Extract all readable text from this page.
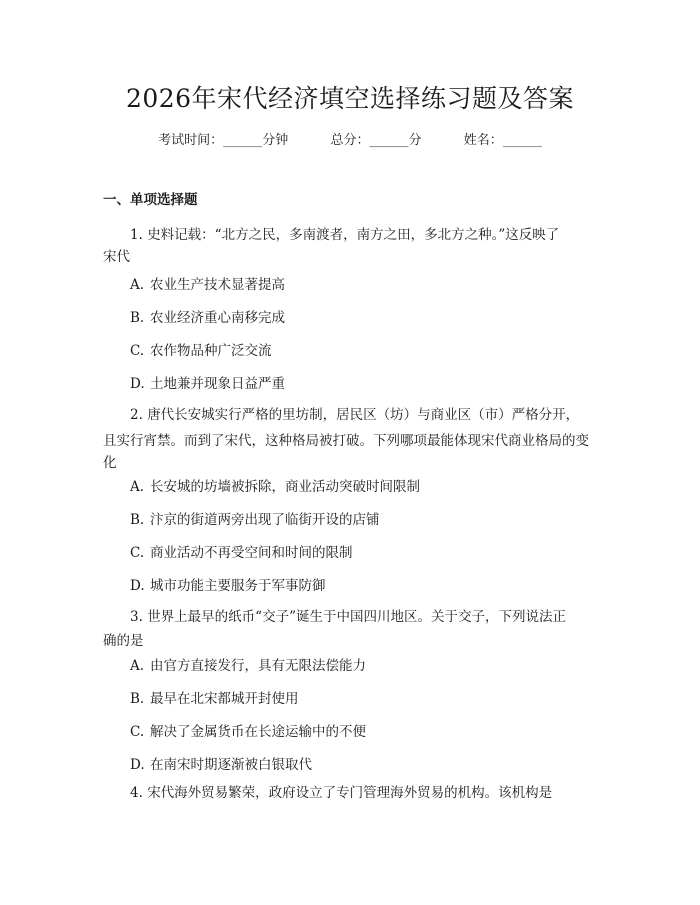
2026年宋代经济填空选择练习题及答案
考试时间：______分钟	总分：______分	姓名：______
一、单项选择题
1. 史料记载：“北方之民，多南渡者，南方之田，多北方之种。”这反映了
宋代
A. 农业生产技术显著提高
B. 农业经济重心南移完成
C. 农作物品种广泛交流
D. 土地兼并现象日益严重
2. 唐代长安城实行严格的里坊制，居民区（坊）与商业区（市）严格分开，
且实行宵禁。而到了宋代，这种格局被打破。下列哪项最能体现宋代商业格局的变
化
A. 长安城的坊墙被拆除，商业活动突破时间限制
B. 汴京的街道两旁出现了临街开设的店铺
C. 商业活动不再受空间和时间的限制
D. 城市功能主要服务于军事防御
3. 世界上最早的纸币“交子”诞生于中国四川地区。关于交子，下列说法正
确的是
A. 由官方直接发行，具有无限法偿能力
B. 最早在北宋都城开封使用
C. 解决了金属货币在长途运输中的不便
D. 在南宋时期逐渐被白银取代
4. 宋代海外贸易繁荣，政府设立了专门管理海外贸易的机构。该机构是
